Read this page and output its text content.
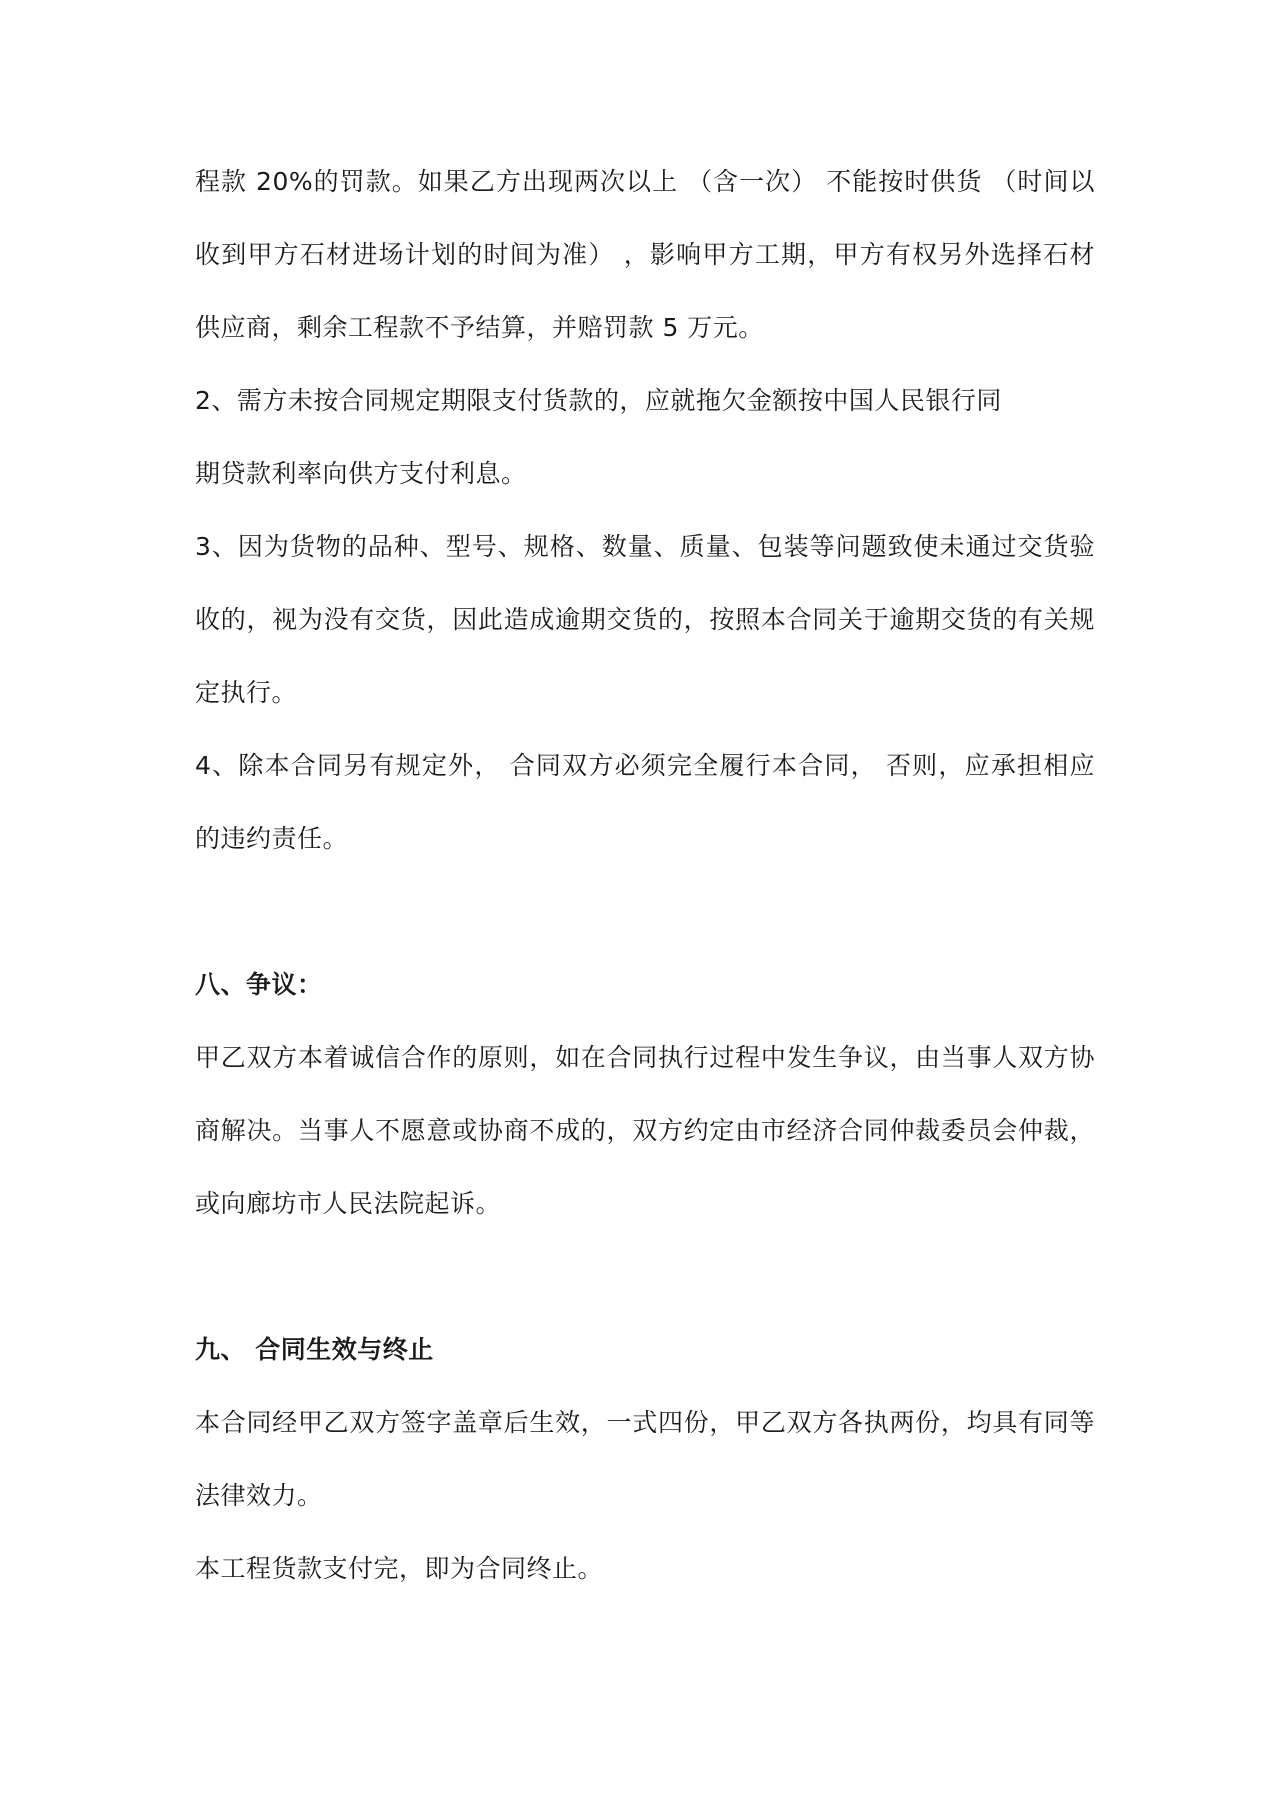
程款 20%的罚款。如果乙方出现两次以上 （含一次） 不能按时供货 （时间以
收到甲方石材进场计划的时间为准） ，影响甲方工期，甲方有权另外选择石材
供应商，剩余工程款不予结算，并赔罚款 5 万元。
2、需方未按合同规定期限支付货款的，应就拖欠金额按中国人民银行同
期贷款利率向供方支付利息。
3、因为货物的品种、型号、规格、数量、质量、包装等问题致使未通过交货验
收的，视为没有交货，因此造成逾期交货的，按照本合同关于逾期交货的有关规
定执行。
4、除本合同另有规定外， 合同双方必须完全履行本合同， 否则，应承担相应
的违约责任。
八、争议：
甲乙双方本着诚信合作的原则，如在合同执行过程中发生争议，由当事人双方协
商解决。当事人不愿意或协商不成的，双方约定由市经济合同仲裁委员会仲裁，
或向廊坊市人民法院起诉。
九、 合同生效与终止
本合同经甲乙双方签字盖章后生效，一式四份，甲乙双方各执两份，均具有同等
法律效力。
本工程货款支付完，即为合同终止。
